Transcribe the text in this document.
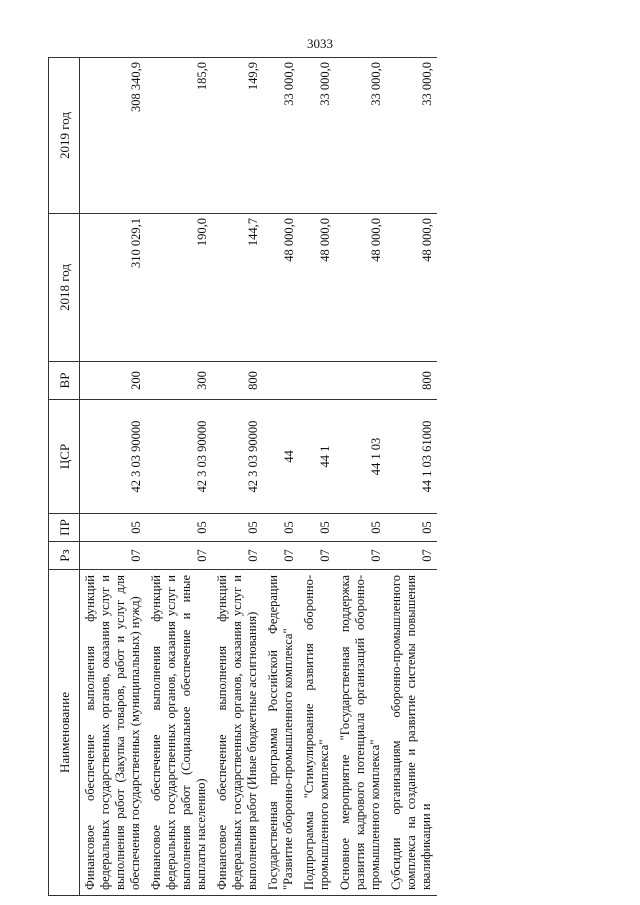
3033
Наименование	Рз	ПР	ЦСР	ВР	2018 год	2019 год
Финансовое обеспечение выполнения функций федеральных государственных органов, оказания услуг и выполнения работ (Закупка товаров, работ и услуг для обеспечения государственных (муниципальных) нужд)	07	05	42 3 03 90000	200	310 029,1	308 340,9
Финансовое обеспечение выполнения функций федеральных государственных органов, оказания услуг и выполнения работ (Социальное обеспечение и иные выплаты населению)	07	05	42 3 03 90000	300	190,0	185,0
Финансовое обеспечение выполнения функций федеральных государственных органов, оказания услуг и выполнения работ (Иные бюджетные ассигнования)	07	05	42 3 03 90000	800	144,7	149,9
Государственная программа Российской Федерации "Развитие оборонно-промышленного комплекса"	07	05	44		48 000,0	33 000,0
Подпрограмма "Стимулирование развития оборонно-промышленного комплекса"	07	05	44 1		48 000,0	33 000,0
Основное мероприятие "Государственная поддержка развития кадрового потенциала организаций оборонно-промышленного комплекса"	07	05	44 1 03		48 000,0	33 000,0
Субсидии организациям оборонно-промышленного комплекса на создание и развитие системы повышения квалификации и	07	05	44 1 03 61000	800	48 000,0	33 000,0
